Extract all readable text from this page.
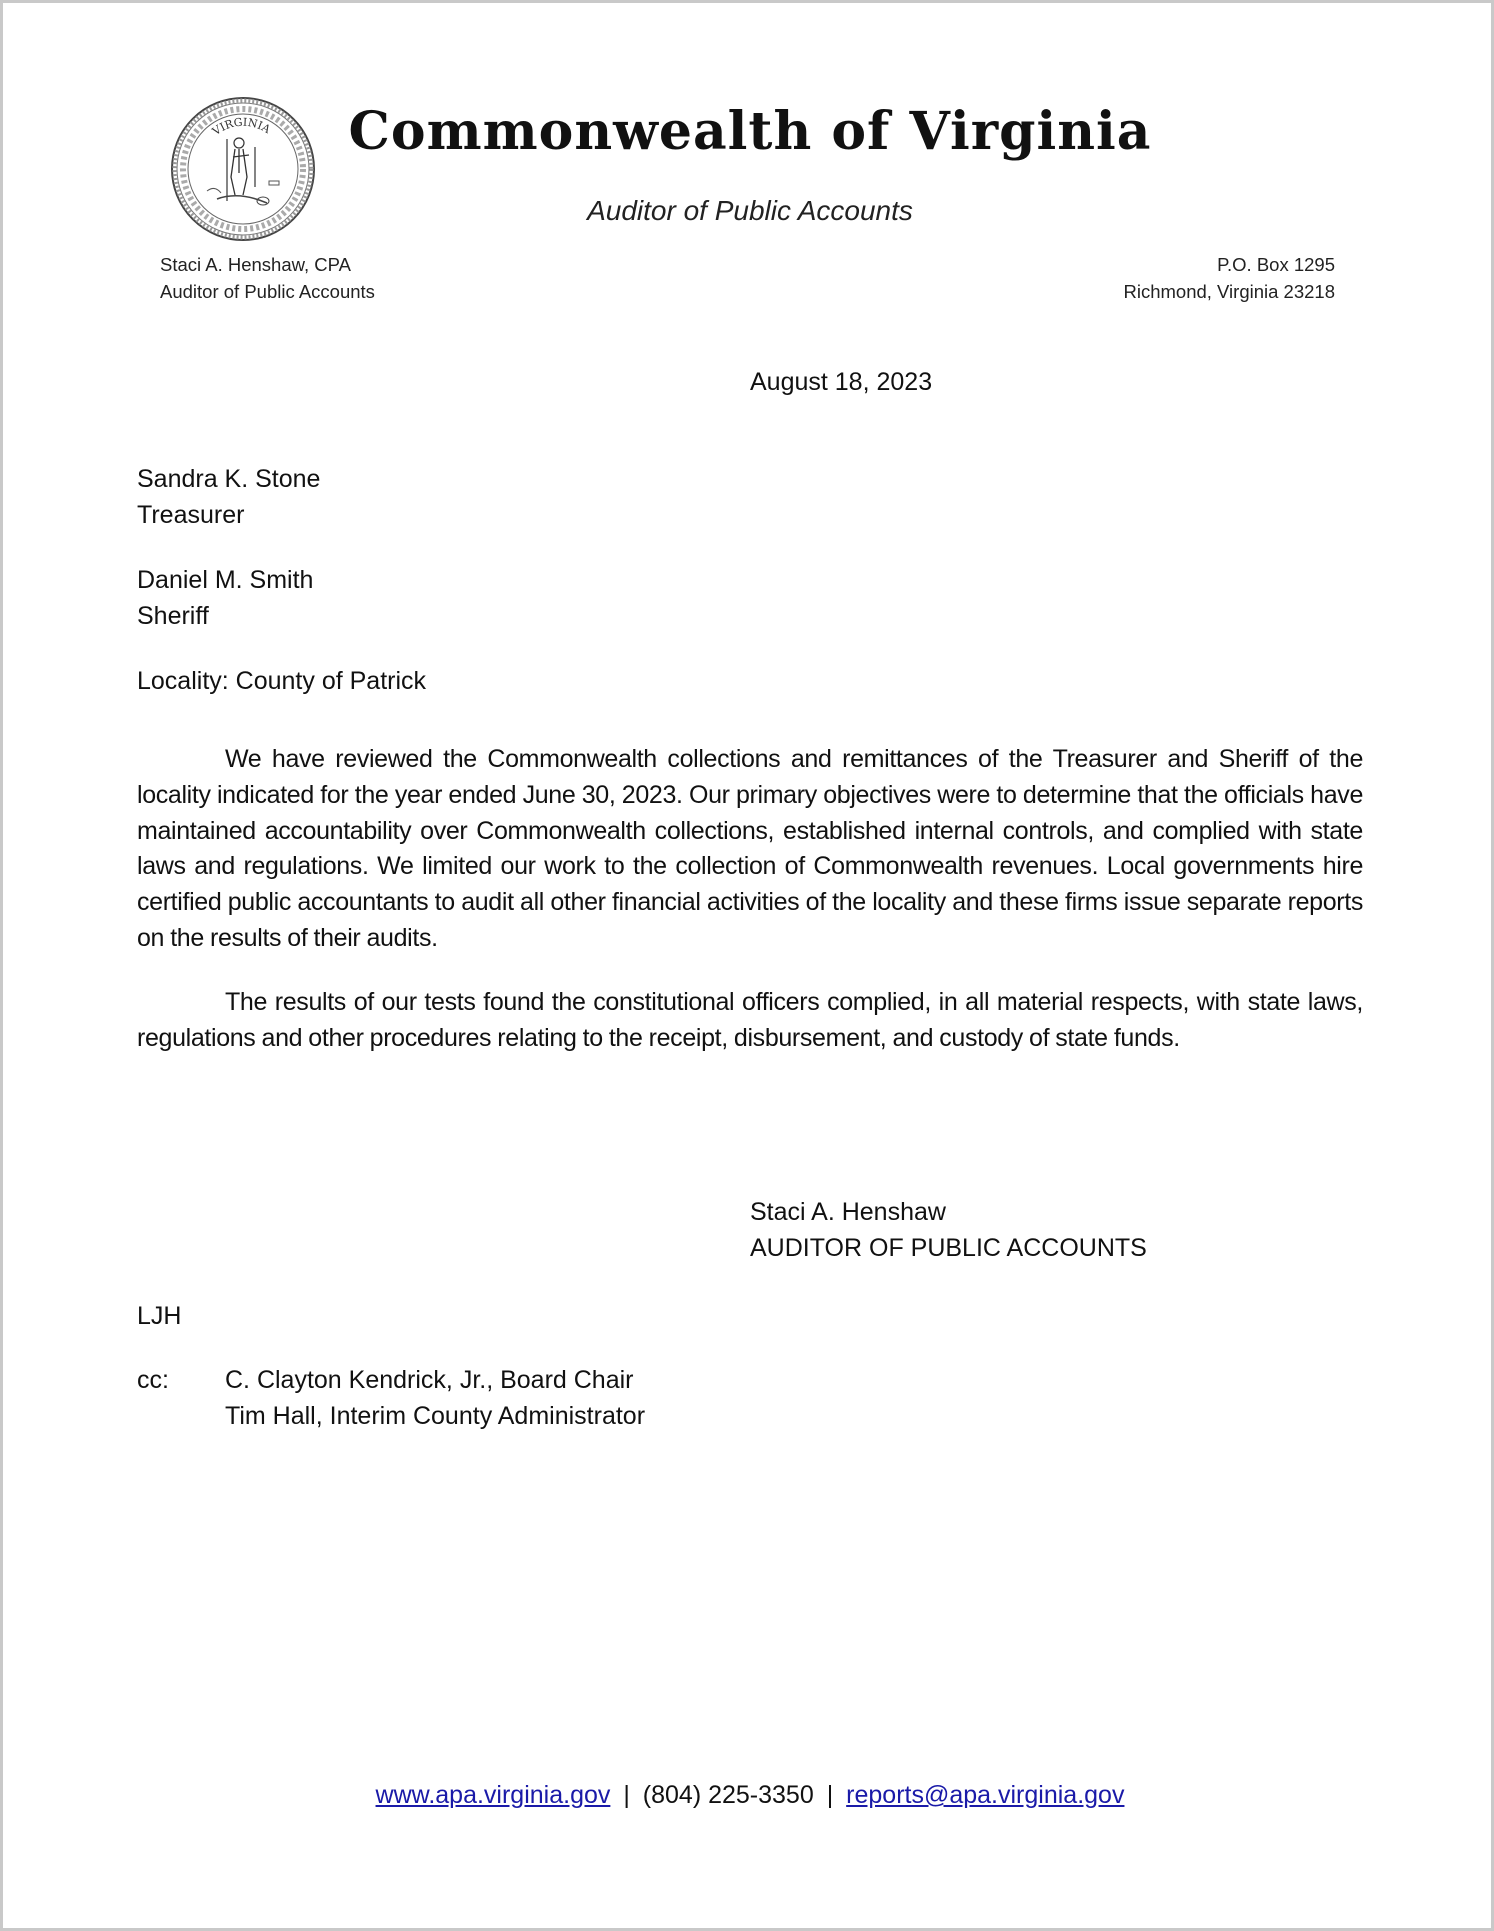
VIRGINIA	Commonwealth of Virginia
Auditor of Public Accounts
Staci A. Henshaw, CPA
Auditor of Public Accounts
P.O. Box 1295
Richmond, Virginia 23218
August 18, 2023
Sandra K. Stone
Treasurer
Daniel M. Smith
Sheriff
Locality: County of Patrick

We have reviewed the Commonwealth collections and remittances of the Treasurer and Sheriff of the locality indicated for the year ended June 30, 2023. Our primary objectives were to determine that the officials have maintained accountability over Commonwealth collections, established internal controls, and complied with state laws and regulations. We limited our work to the collection of Commonwealth revenues. Local governments hire certified public accountants to audit all other financial activities of the locality and these firms issue separate reports on the results of their audits.

The results of our tests found the constitutional officers complied, in all material respects, with state laws, regulations and other procedures relating to the receipt, disbursement, and custody of state funds.

Staci A. Henshaw
AUDITOR OF PUBLIC ACCOUNTS
LJH
cc: C. Clayton Kendrick, Jr., Board Chair
Tim Hall, Interim County Administrator
www.apa.virginia.gov | (804) 225-3350 | reports@apa.virginia.gov
